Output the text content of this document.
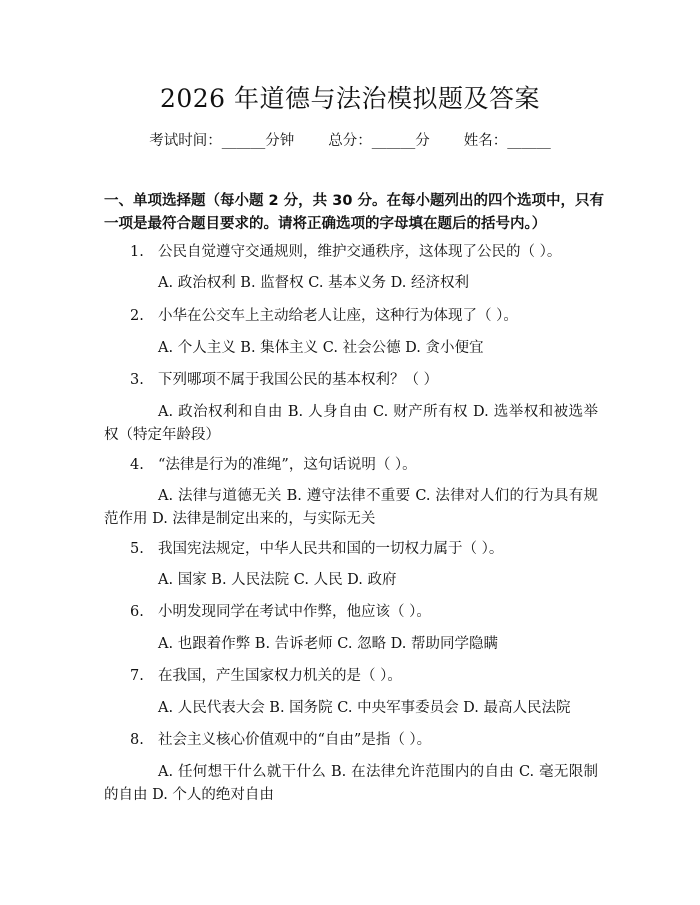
2026 年道德与法治模拟题及答案
考试时间：______分钟 总分：______分 姓名：______
一、单项选择题（每小题 2 分，共 30 分。在每小题列出的四个选项中，只有一项是最符合题目要求的。请将正确选项的字母填在题后的括号内。）
1. 公民自觉遵守交通规则，维护交通秩序，这体现了公民的（ ）。
A. 政治权利 B. 监督权 C. 基本义务 D. 经济权利
2. 小华在公交车上主动给老人让座，这种行为体现了（ ）。
A. 个人主义 B. 集体主义 C. 社会公德 D. 贪小便宜
3. 下列哪项不属于我国公民的基本权利？（ ）
A. 政治权利和自由 B. 人身自由 C. 财产所有权 D. 选举权和被选举权（特定年龄段）
4. “法律是行为的准绳”，这句话说明（ ）。
A. 法律与道德无关 B. 遵守法律不重要 C. 法律对人们的行为具有规范作用 D. 法律是制定出来的，与实际无关
5. 我国宪法规定，中华人民共和国的一切权力属于（ ）。
A. 国家 B. 人民法院 C. 人民 D. 政府
6. 小明发现同学在考试中作弊，他应该（ ）。
A. 也跟着作弊 B. 告诉老师 C. 忽略 D. 帮助同学隐瞒
7. 在我国，产生国家权力机关的是（ ）。
A. 人民代表大会 B. 国务院 C. 中央军事委员会 D. 最高人民法院
8. 社会主义核心价值观中的“自由”是指（ ）。
A. 任何想干什么就干什么 B. 在法律允许范围内的自由 C. 毫无限制的自由 D. 个人的绝对自由
